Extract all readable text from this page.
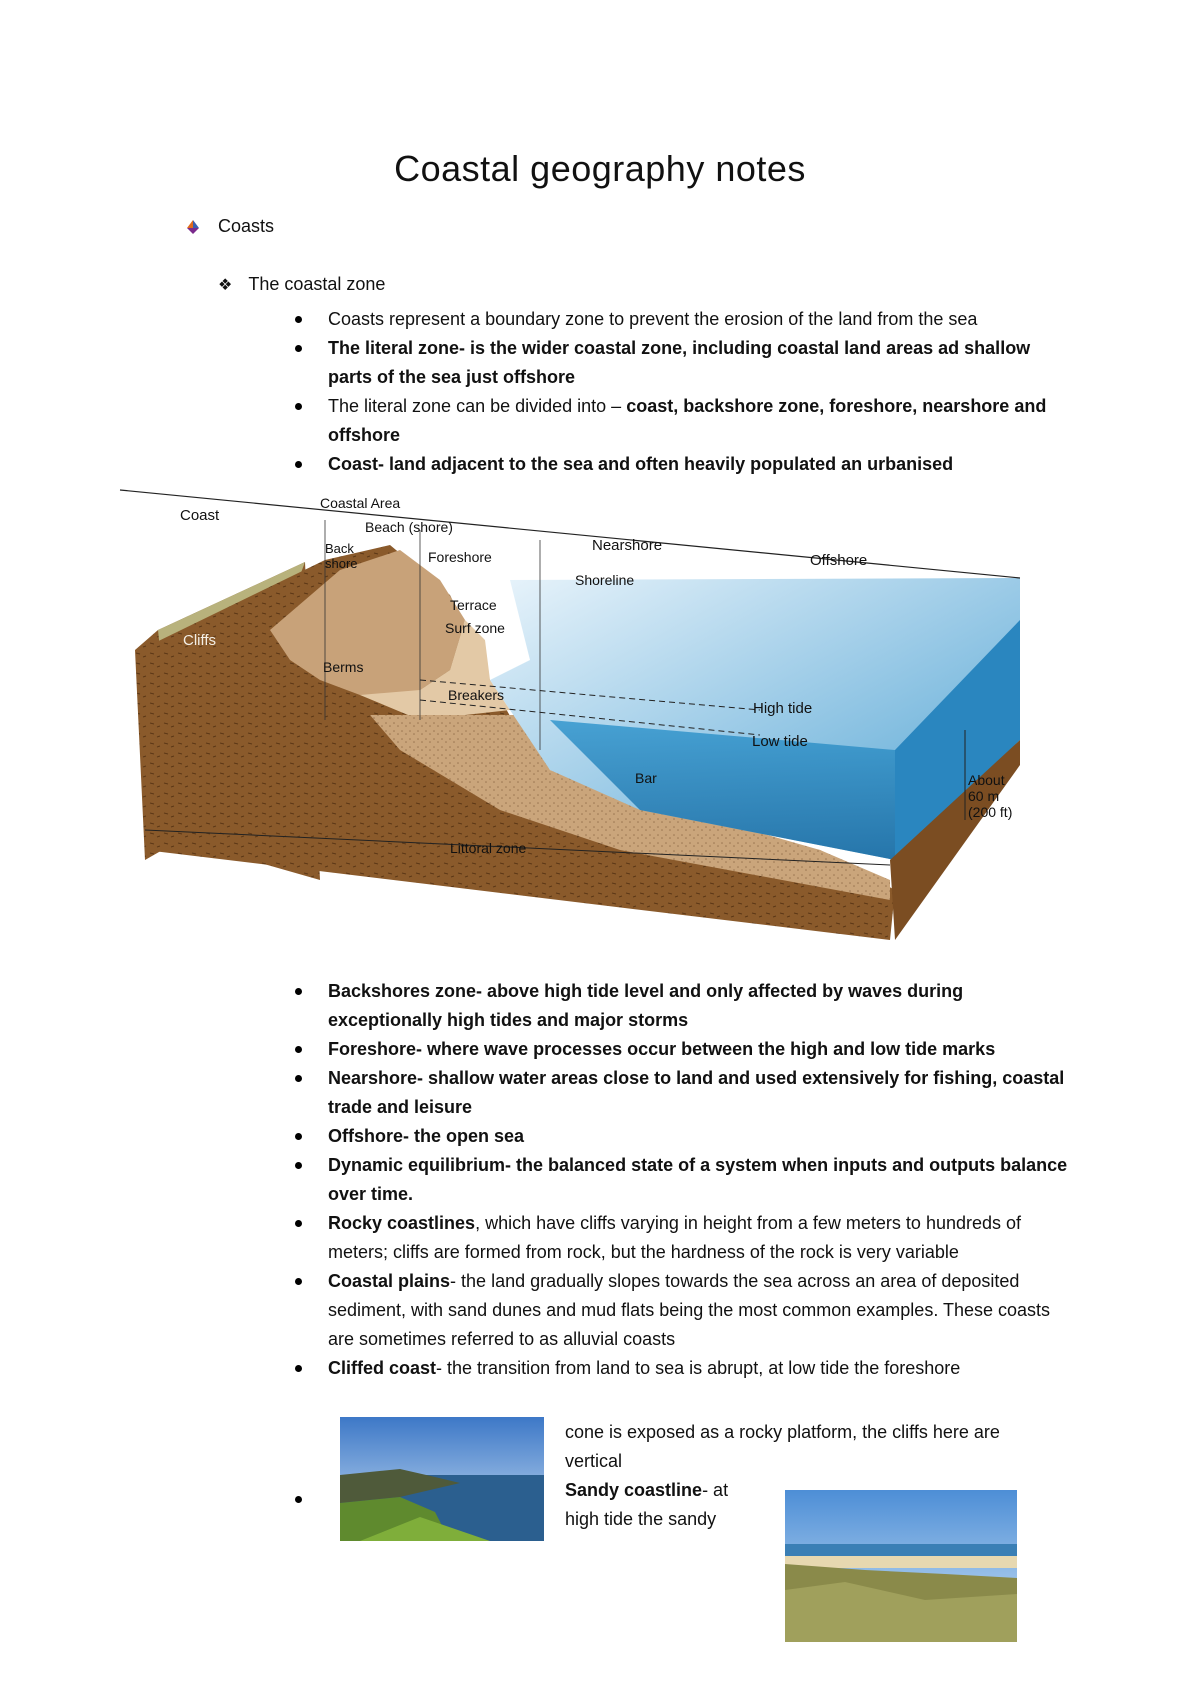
Coastal geography notes
Coasts
❖ The coastal zone
Coasts represent a boundary zone to prevent the erosion of the land from the sea
The literal zone- is the wider coastal zone, including coastal land areas ad shallow parts of the sea just offshore
The literal zone can be divided into – coast, backshore zone, foreshore, nearshore and offshore
Coast- land adjacent to the sea and often heavily populated an urbanised
Coastal Area
Coast
Beach (shore)
Back
shore	Foreshore
Nearshore
Offshore
Shoreline
Terrace
Surf zone
Cliffs
Berms
Breakers
High tide
Low tide
Bar	About
60 m
(200 ft)
Littoral zone
Backshores zone- above high tide level and only affected by waves during exceptionally high tides and major storms
Foreshore- where wave processes occur between the high and low tide marks
Nearshore- shallow water areas close to land and used extensively for fishing, coastal trade and leisure
Offshore- the open sea
Dynamic equilibrium- the balanced state of a system when inputs and outputs balance over time.
Rocky coastlines, which have cliffs varying in height from a few meters to hundreds of meters; cliffs are formed from rock, but the hardness of the rock is very variable
Coastal plains- the land gradually slopes towards the sea across an area of deposited sediment, with sand dunes and mud flats being the most common examples. These coasts are sometimes referred to as alluvial coasts
Cliffed coast- the transition from land to sea is abrupt, at low tide the foreshore
cone is exposed as a rocky platform, the cliffs here are
vertical
Sandy coastline- at
high tide the sandy
